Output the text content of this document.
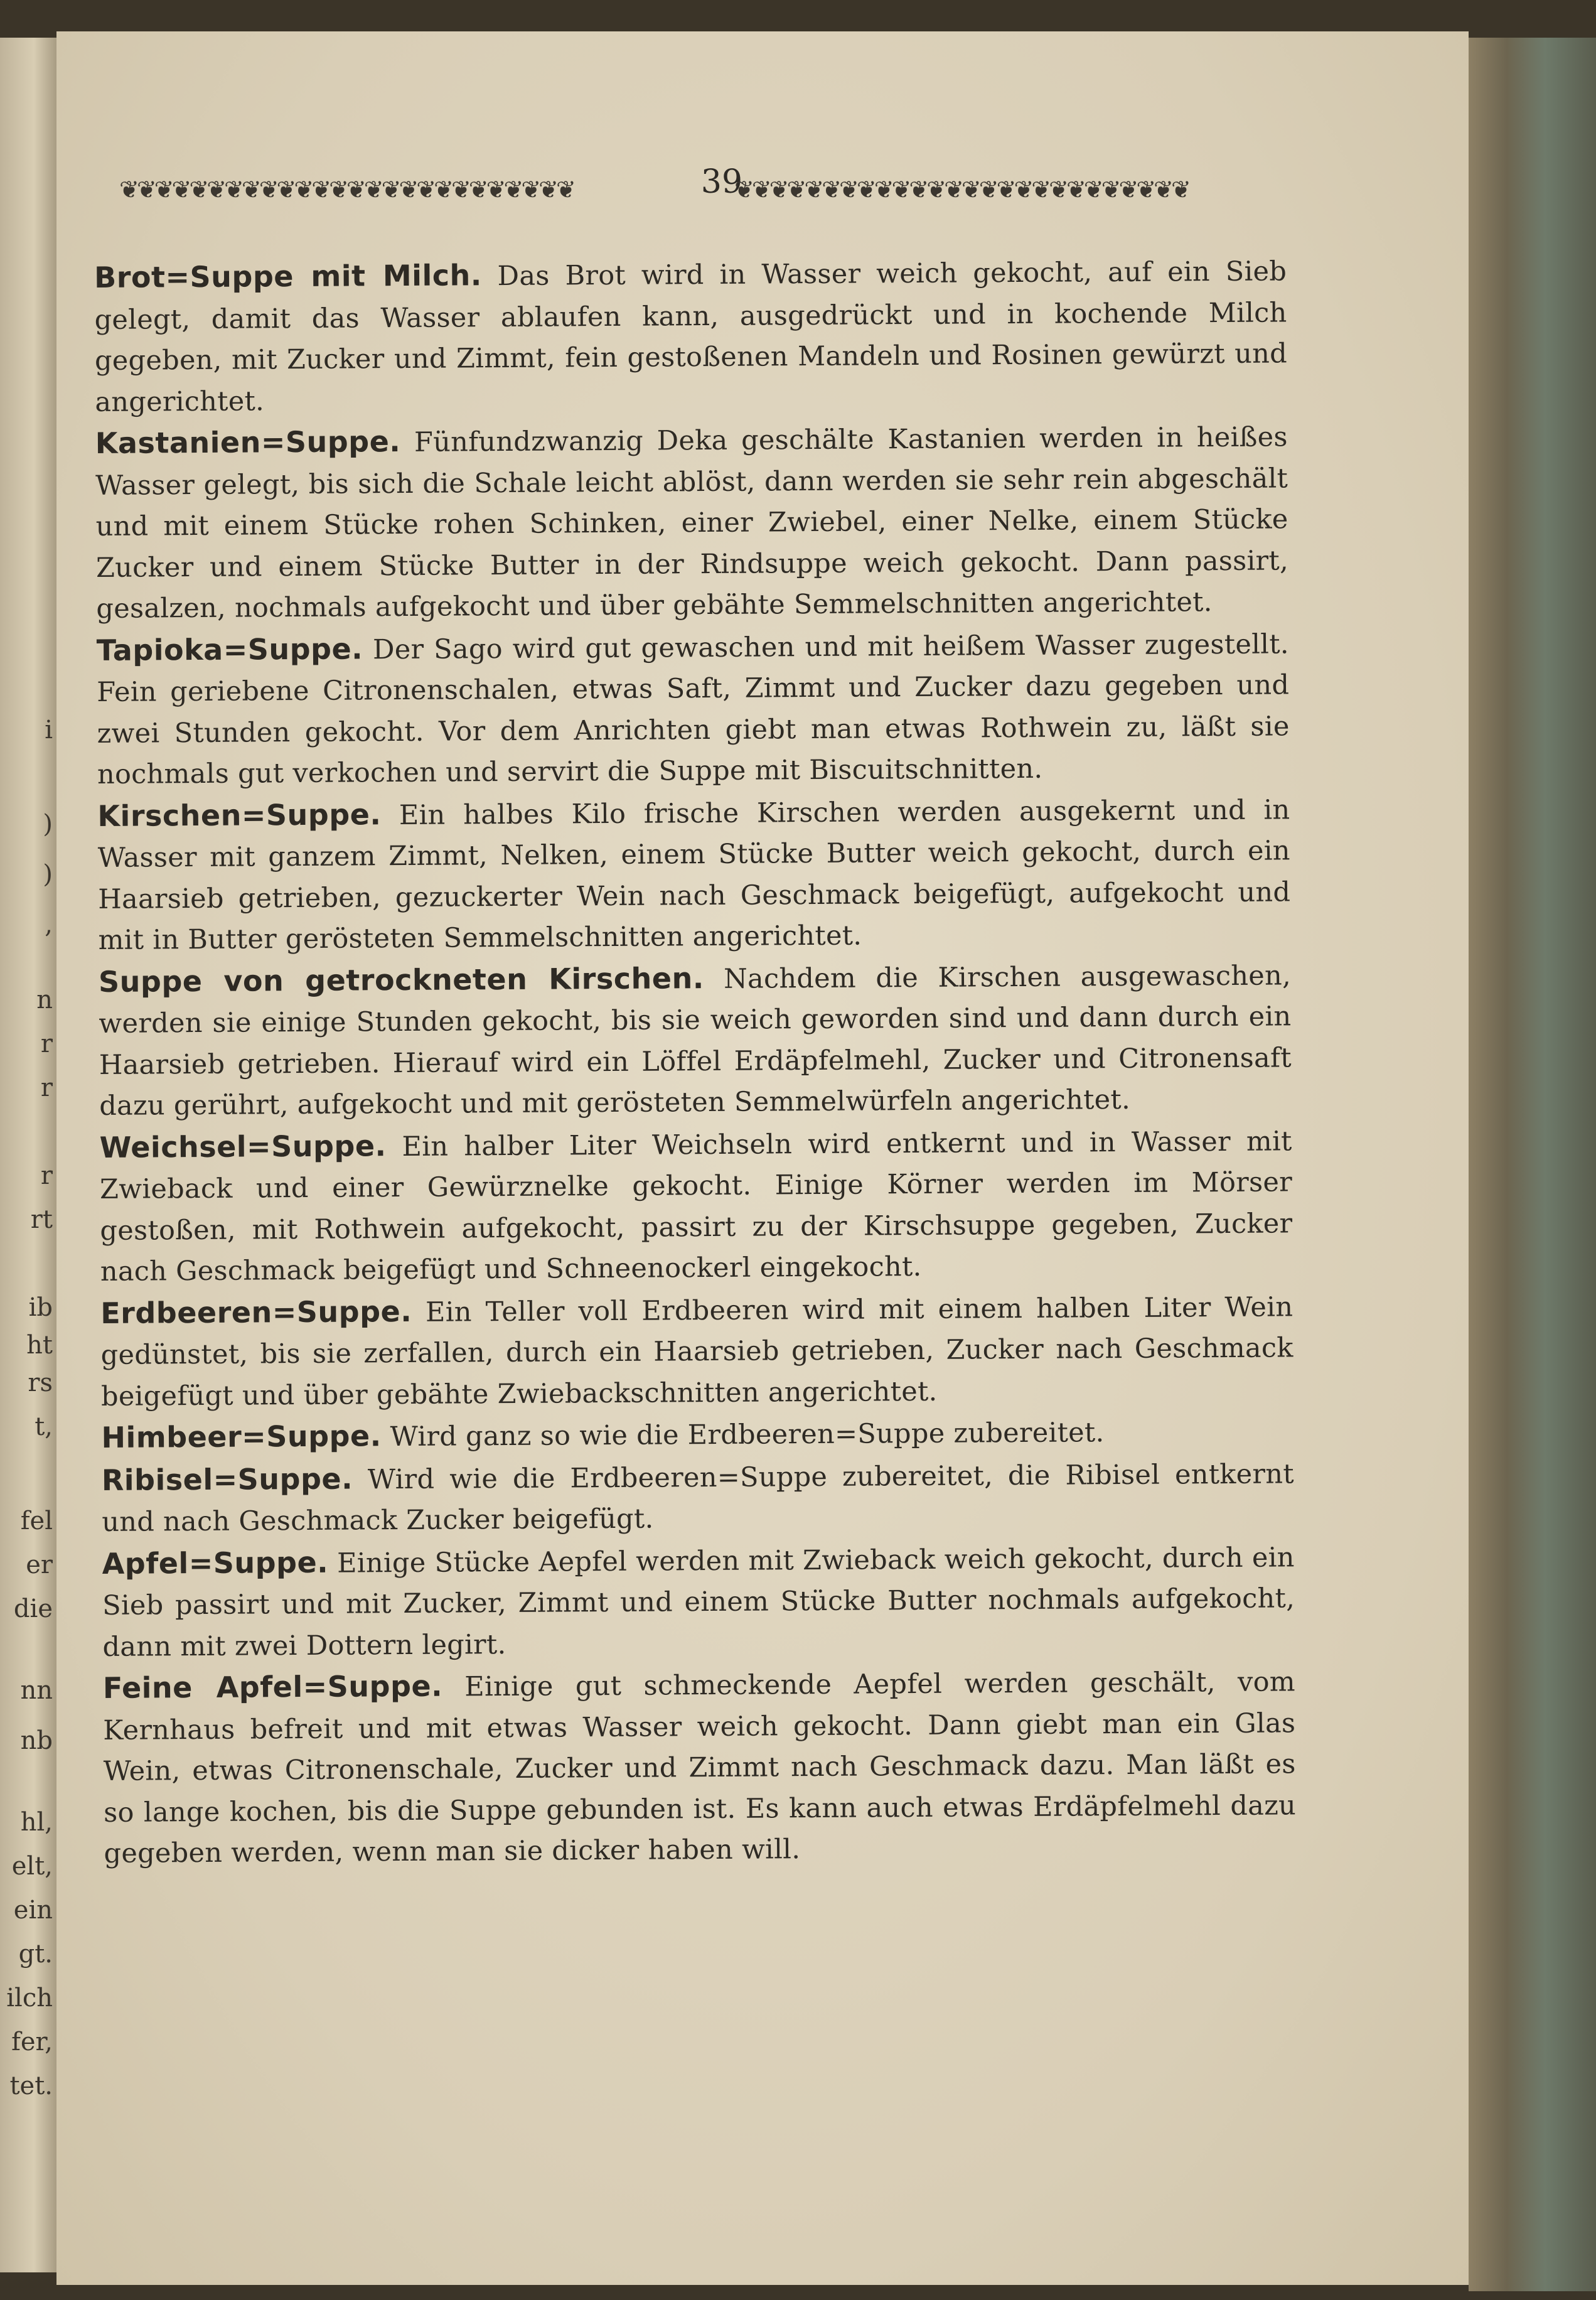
i
)
)
,
n
r
r
r
rt
ib
ht
rs
t,
fel
er
die
nn
nb
hl,
elt,
ein
gt.
ilch
fer,
tet.
❦❦❦❦❦❦❦❦❦❦❦❦❦❦❦❦❦❦❦❦❦❦❦❦❦❦	39
❦❦❦❦❦❦❦❦❦❦❦❦❦❦❦❦❦❦❦❦❦❦❦❦❦❦

Brot=Suppe mit Milch. Das Brot wird in Wasser weich gekocht, auf ein Sieb gelegt, damit das Wasser ablaufen kann, ausgedrückt und in kochende Milch gegeben, mit Zucker und Zimmt, fein gestoßenen Mandeln und Rosinen gewürzt und angerichtet.

Kastanien=Suppe. Fünfundzwanzig Deka geschälte Kastanien werden in heißes Wasser gelegt, bis sich die Schale leicht ablöst, dann werden sie sehr rein abgeschält und mit einem Stücke rohen Schinken, einer Zwiebel, einer Nelke, einem Stücke Zucker und einem Stücke Butter in der Rindsuppe weich gekocht. Dann passirt, gesalzen, nochmals aufgekocht und über gebähte Semmelschnitten angerichtet.

Tapioka=Suppe. Der Sago wird gut gewaschen und mit heißem Wasser zugestellt. Fein geriebene Citronenschalen, etwas Saft, Zimmt und Zucker dazu gegeben und zwei Stunden gekocht. Vor dem Anrichten giebt man etwas Rothwein zu, läßt sie nochmals gut verkochen und servirt die Suppe mit Biscuitschnitten.

Kirschen=Suppe. Ein halbes Kilo frische Kirschen werden ausgekernt und in Wasser mit ganzem Zimmt, Nelken, einem Stücke Butter weich gekocht, durch ein Haarsieb getrieben, gezuckerter Wein nach Geschmack beigefügt, aufgekocht und mit in Butter gerösteten Semmelschnitten angerichtet.

Suppe von getrockneten Kirschen. Nachdem die Kirschen ausgewaschen, werden sie einige Stunden gekocht, bis sie weich geworden sind und dann durch ein Haarsieb getrieben. Hierauf wird ein Löffel Erdäpfelmehl, Zucker und Citronensaft dazu gerührt, aufgekocht und mit gerösteten Semmelwürfeln angerichtet.

Weichsel=Suppe. Ein halber Liter Weichseln wird entkernt und in Wasser mit Zwieback und einer Gewürznelke gekocht. Einige Körner werden im Mörser gestoßen, mit Rothwein aufgekocht, passirt zu der Kirschsuppe gegeben, Zucker nach Geschmack beigefügt und Schneenockerl eingekocht.

Erdbeeren=Suppe. Ein Teller voll Erdbeeren wird mit einem halben Liter Wein gedünstet, bis sie zerfallen, durch ein Haarsieb getrieben, Zucker nach Geschmack beigefügt und über gebähte Zwiebackschnitten angerichtet.

Himbeer=Suppe. Wird ganz so wie die Erdbeeren=Suppe zubereitet.

Ribisel=Suppe. Wird wie die Erdbeeren=Suppe zubereitet, die Ribisel entkernt und nach Geschmack Zucker beigefügt.

Apfel=Suppe. Einige Stücke Aepfel werden mit Zwieback weich gekocht, durch ein Sieb passirt und mit Zucker, Zimmt und einem Stücke Butter nochmals aufgekocht, dann mit zwei Dottern legirt.

Feine Apfel=Suppe. Einige gut schmeckende Aepfel werden geschält, vom Kernhaus befreit und mit etwas Wasser weich gekocht. Dann giebt man ein Glas Wein, etwas Citronenschale, Zucker und Zimmt nach Geschmack dazu. Man läßt es so lange kochen, bis die Suppe gebunden ist. Es kann auch etwas Erdäpfelmehl dazu gegeben werden, wenn man sie dicker haben will.
